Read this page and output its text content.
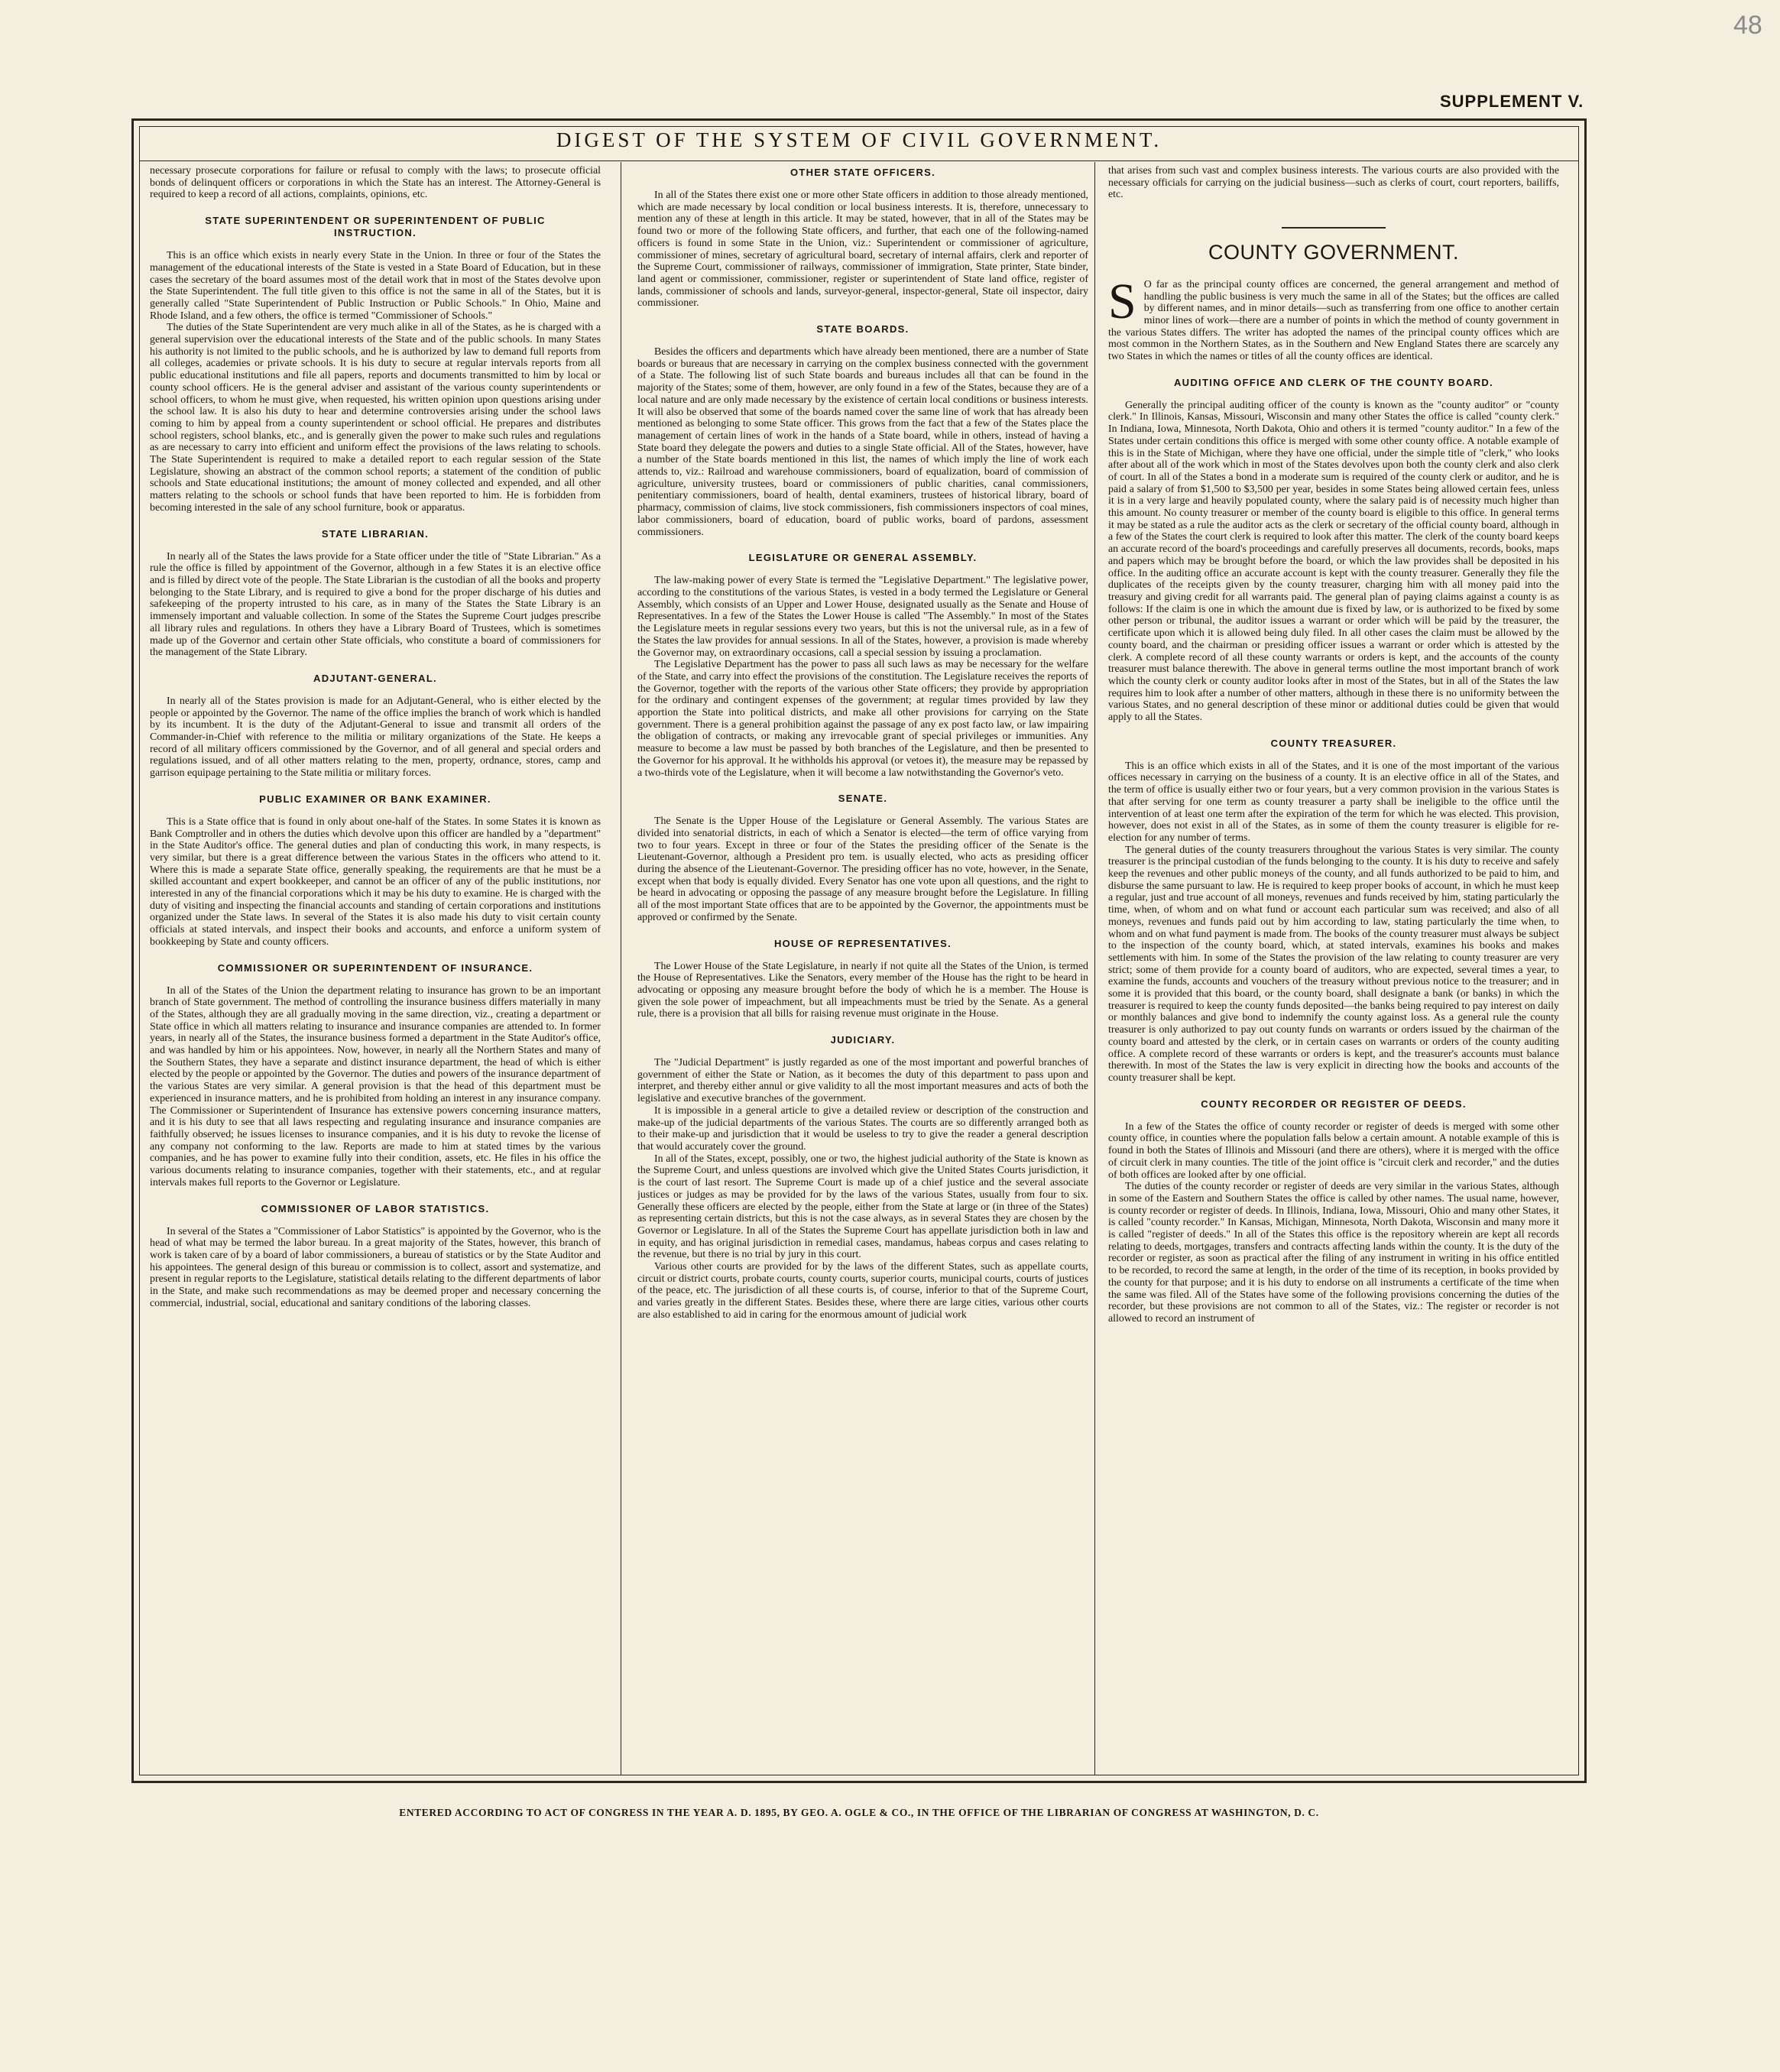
48
SUPPLEMENT V.
DIGEST OF THE SYSTEM OF CIVIL GOVERNMENT.

necessary prosecute corporations for failure or refusal to comply with the laws; to prosecute official bonds of delinquent officers or corporations in which the State has an interest. The Attorney-General is required to keep a record of all actions, complaints, opinions, etc.

STATE SUPERINTENDENT OR SUPERINTENDENT OF PUBLIC INSTRUCTION.

This is an office which exists in nearly every State in the Union. In three or four of the States the management of the educational interests of the State is vested in a State Board of Education, but in these cases the secretary of the board assumes most of the detail work that in most of the States devolve upon the State Superintendent. The full title given to this office is not the same in all of the States, but it is generally called "State Superintendent of Public Instruction or Public Schools." In Ohio, Maine and Rhode Island, and a few others, the office is termed "Commissioner of Schools."

The duties of the State Superintendent are very much alike in all of the States, as he is charged with a general supervision over the educational interests of the State and of the public schools. In many States his authority is not limited to the public schools, and he is authorized by law to demand full reports from all colleges, academies or private schools. It is his duty to secure at regular intervals reports from all public educational institutions and file all papers, reports and documents transmitted to him by local or county school officers. He is the general adviser and assistant of the various county superintendents or school officers, to whom he must give, when requested, his written opinion upon questions arising under the school law. It is also his duty to hear and determine controversies arising under the school laws coming to him by appeal from a county superintendent or school official. He prepares and distributes school registers, school blanks, etc., and is generally given the power to make such rules and regulations as are necessary to carry into efficient and uniform effect the provisions of the laws relating to schools. The State Superintendent is required to make a detailed report to each regular session of the State Legislature, showing an abstract of the common school reports; a statement of the condition of public schools and State educational institutions; the amount of money collected and expended, and all other matters relating to the schools or school funds that have been reported to him. He is forbidden from becoming interested in the sale of any school furniture, book or apparatus.

STATE LIBRARIAN.

In nearly all of the States the laws provide for a State officer under the title of "State Librarian." As a rule the office is filled by appointment of the Governor, although in a few States it is an elective office and is filled by direct vote of the people. The State Librarian is the custodian of all the books and property belonging to the State Library, and is required to give a bond for the proper discharge of his duties and safekeeping of the property intrusted to his care, as in many of the States the State Library is an immensely important and valuable collection. In some of the States the Supreme Court judges prescribe all library rules and regulations. In others they have a Library Board of Trustees, which is sometimes made up of the Governor and certain other State officials, who constitute a board of commissioners for the management of the State Library.

ADJUTANT-GENERAL.

In nearly all of the States provision is made for an Adjutant-General, who is either elected by the people or appointed by the Governor. The name of the office implies the branch of work which is handled by its incumbent. It is the duty of the Adjutant-General to issue and transmit all orders of the Commander-in-Chief with reference to the militia or military organizations of the State. He keeps a record of all military officers commissioned by the Governor, and of all general and special orders and regulations issued, and of all other matters relating to the men, property, ordnance, stores, camp and garrison equipage pertaining to the State militia or military forces.

PUBLIC EXAMINER OR BANK EXAMINER.

This is a State office that is found in only about one-half of the States. In some States it is known as Bank Comptroller and in others the duties which devolve upon this officer are handled by a "department" in the State Auditor's office. The general duties and plan of conducting this work, in many respects, is very similar, but there is a great difference between the various States in the officers who attend to it. Where this is made a separate State office, generally speaking, the requirements are that he must be a skilled accountant and expert bookkeeper, and cannot be an officer of any of the public institutions, nor interested in any of the financial corporations which it may be his duty to examine. He is charged with the duty of visiting and inspecting the financial accounts and standing of certain corporations and institutions organized under the State laws. In several of the States it is also made his duty to visit certain county officials at stated intervals, and inspect their books and accounts, and enforce a uniform system of bookkeeping by State and county officers.

COMMISSIONER OR SUPERINTENDENT OF INSURANCE.

In all of the States of the Union the department relating to insurance has grown to be an important branch of State government. The method of controlling the insurance business differs materially in many of the States, although they are all gradually moving in the same direction, viz., creating a department or State office in which all matters relating to insurance and insurance companies are attended to. In former years, in nearly all of the States, the insurance business formed a department in the State Auditor's office, and was handled by him or his appointees. Now, however, in nearly all the Northern States and many of the Southern States, they have a separate and distinct insurance department, the head of which is either elected by the people or appointed by the Governor. The duties and powers of the insurance department of the various States are very similar. A general provision is that the head of this department must be experienced in insurance matters, and he is prohibited from holding an interest in any insurance company. The Commissioner or Superintendent of Insurance has extensive powers concerning insurance matters, and it is his duty to see that all laws respecting and regulating insurance and insurance companies are faithfully observed; he issues licenses to insurance companies, and it is his duty to revoke the license of any company not conforming to the law. Reports are made to him at stated times by the various companies, and he has power to examine fully into their condition, assets, etc. He files in his office the various documents relating to insurance companies, together with their statements, etc., and at regular intervals makes full reports to the Governor or Legislature.

COMMISSIONER OF LABOR STATISTICS.

In several of the States a "Commissioner of Labor Statistics" is appointed by the Governor, who is the head of what may be termed the labor bureau. In a great majority of the States, however, this branch of work is taken care of by a board of labor commissioners, a bureau of statistics or by the State Auditor and his appointees. The general design of this bureau or commission is to collect, assort and systematize, and present in regular reports to the Legislature, statistical details relating to the different departments of labor in the State, and make such recommendations as may be deemed proper and necessary concerning the commercial, industrial, social, educational and sanitary conditions of the laboring classes.

OTHER STATE OFFICERS.

In all of the States there exist one or more other State officers in addition to those already mentioned, which are made necessary by local condition or local business interests. It is, therefore, unnecessary to mention any of these at length in this article. It may be stated, however, that in all of the States may be found two or more of the following State officers, and further, that each one of the following-named officers is found in some State in the Union, viz.: Superintendent or commissioner of agriculture, commissioner of mines, secretary of agricultural board, secretary of internal affairs, clerk and reporter of the Supreme Court, commissioner of railways, commissioner of immigration, State printer, State binder, land agent or commissioner, commissioner, register or superintendent of State land office, register of lands, commissioner of schools and lands, surveyor-general, inspector-general, State oil inspector, dairy commissioner.

STATE BOARDS.

Besides the officers and departments which have already been mentioned, there are a number of State boards or bureaus that are necessary in carrying on the complex business connected with the government of a State. The following list of such State boards and bureaus includes all that can be found in the majority of the States; some of them, however, are only found in a few of the States, because they are of a local nature and are only made necessary by the existence of certain local conditions or business interests. It will also be observed that some of the boards named cover the same line of work that has already been mentioned as belonging to some State officer. This grows from the fact that a few of the States place the management of certain lines of work in the hands of a State board, while in others, instead of having a State board they delegate the powers and duties to a single State official. All of the States, however, have a number of the State boards mentioned in this list, the names of which imply the line of work each attends to, viz.: Railroad and warehouse commissioners, board of equalization, board of commission of agriculture, university trustees, board or commissioners of public charities, canal commissioners, penitentiary commissioners, board of health, dental examiners, trustees of historical library, board of pharmacy, commission of claims, live stock commissioners, fish commissioners inspectors of coal mines, labor commissioners, board of education, board of public works, board of pardons, assessment commissioners.

LEGISLATURE OR GENERAL ASSEMBLY.

The law-making power of every State is termed the "Legislative Department." The legislative power, according to the constitutions of the various States, is vested in a body termed the Legislature or General Assembly, which consists of an Upper and Lower House, designated usually as the Senate and House of Representatives. In a few of the States the Lower House is called "The Assembly." In most of the States the Legislature meets in regular sessions every two years, but this is not the universal rule, as in a few of the States the law provides for annual sessions. In all of the States, however, a provision is made whereby the Governor may, on extraordinary occasions, call a special session by issuing a proclamation.

The Legislative Department has the power to pass all such laws as may be necessary for the welfare of the State, and carry into effect the provisions of the constitution. The Legislature receives the reports of the Governor, together with the reports of the various other State officers; they provide by appropriation for the ordinary and contingent expenses of the government; at regular times provided by law they apportion the State into political districts, and make all other provisions for carrying on the State government. There is a general prohibition against the passage of any ex post facto law, or law impairing the obligation of contracts, or making any irrevocable grant of special privileges or immunities. Any measure to become a law must be passed by both branches of the Legislature, and then be presented to the Governor for his approval. It he withholds his approval (or vetoes it), the measure may be repassed by a two-thirds vote of the Legislature, when it will become a law notwithstanding the Governor's veto.

SENATE.

The Senate is the Upper House of the Legislature or General Assembly. The various States are divided into senatorial districts, in each of which a Senator is elected—the term of office varying from two to four years. Except in three or four of the States the presiding officer of the Senate is the Lieutenant-Governor, although a President pro tem. is usually elected, who acts as presiding officer during the absence of the Lieutenant-Governor. The presiding officer has no vote, however, in the Senate, except when that body is equally divided. Every Senator has one vote upon all questions, and the right to be heard in advocating or opposing the passage of any measure brought before the Legislature. In filling all of the most important State offices that are to be appointed by the Governor, the appointments must be approved or confirmed by the Senate.

HOUSE OF REPRESENTATIVES.

The Lower House of the State Legislature, in nearly if not quite all the States of the Union, is termed the House of Representatives. Like the Senators, every member of the House has the right to be heard in advocating or opposing any measure brought before the body of which he is a member. The House is given the sole power of impeachment, but all impeachments must be tried by the Senate. As a general rule, there is a provision that all bills for raising revenue must originate in the House.

JUDICIARY.

The "Judicial Department" is justly regarded as one of the most important and powerful branches of government of either the State or Nation, as it becomes the duty of this department to pass upon and interpret, and thereby either annul or give validity to all the most important measures and acts of both the legislative and executive branches of the government.

It is impossible in a general article to give a detailed review or description of the construction and make-up of the judicial departments of the various States. The courts are so differently arranged both as to their make-up and jurisdiction that it would be useless to try to give the reader a general description that would accurately cover the ground.

In all of the States, except, possibly, one or two, the highest judicial authority of the State is known as the Supreme Court, and unless questions are involved which give the United States Courts jurisdiction, it is the court of last resort. The Supreme Court is made up of a chief justice and the several associate justices or judges as may be provided for by the laws of the various States, usually from four to six. Generally these officers are elected by the people, either from the State at large or (in three of the States) as representing certain districts, but this is not the case always, as in several States they are chosen by the Governor or Legislature. In all of the States the Supreme Court has appellate jurisdiction both in law and in equity, and has original jurisdiction in remedial cases, mandamus, habeas corpus and cases relating to the revenue, but there is no trial by jury in this court.

Various other courts are provided for by the laws of the different States, such as appellate courts, circuit or district courts, probate courts, county courts, superior courts, municipal courts, courts of justices of the peace, etc. The jurisdiction of all these courts is, of course, inferior to that of the Supreme Court, and varies greatly in the different States. Besides these, where there are large cities, various other courts are also established to aid in caring for the enormous amount of judicial work

that arises from such vast and complex business interests. The various courts are also provided with the necessary officials for carrying on the judicial business—such as clerks of court, court reporters, bailiffs, etc.

COUNTY GOVERNMENT.

S O far as the principal county offices are concerned, the general arrangement and method of handling the public business is very much the same in all of the States; but the offices are called by different names, and in minor details—such as transferring from one office to another certain minor lines of work—there are a number of points in which the method of county government in the various States differs. The writer has adopted the names of the principal county offices which are most common in the Northern States, as in the Southern and New England States there are scarcely any two States in which the names or titles of all the county offices are identical.

AUDITING OFFICE AND CLERK OF THE COUNTY BOARD.

Generally the principal auditing officer of the county is known as the "county auditor" or "county clerk." In Illinois, Kansas, Missouri, Wisconsin and many other States the office is called "county clerk." In Indiana, Iowa, Minnesota, North Dakota, Ohio and others it is termed "county auditor." In a few of the States under certain conditions this office is merged with some other county office. A notable example of this is in the State of Michigan, where they have one official, under the simple title of "clerk," who looks after about all of the work which in most of the States devolves upon both the county clerk and also clerk of court. In all of the States a bond in a moderate sum is required of the county clerk or auditor, and he is paid a salary of from $1,500 to $3,500 per year, besides in some States being allowed certain fees, unless it is in a very large and heavily populated county, where the salary paid is of necessity much higher than this amount. No county treasurer or member of the county board is eligible to this office. In general terms it may be stated as a rule the auditor acts as the clerk or secretary of the official county board, although in a few of the States the court clerk is required to look after this matter. The clerk of the county board keeps an accurate record of the board's proceedings and carefully preserves all documents, records, books, maps and papers which may be brought before the board, or which the law provides shall be deposited in his office. In the auditing office an accurate account is kept with the county treasurer. Generally they file the duplicates of the receipts given by the county treasurer, charging him with all money paid into the treasury and giving credit for all warrants paid. The general plan of paying claims against a county is as follows: If the claim is one in which the amount due is fixed by law, or is authorized to be fixed by some other person or tribunal, the auditor issues a warrant or order which will be paid by the treasurer, the certificate upon which it is allowed being duly filed. In all other cases the claim must be allowed by the county board, and the chairman or presiding officer issues a warrant or order which is attested by the clerk. A complete record of all these county warrants or orders is kept, and the accounts of the county treasurer must balance therewith. The above in general terms outline the most important branch of work which the county clerk or county auditor looks after in most of the States, but in all of the States the law requires him to look after a number of other matters, although in these there is no uniformity between the various States, and no general description of these minor or additional duties could be given that would apply to all the States.

COUNTY TREASURER.

This is an office which exists in all of the States, and it is one of the most important of the various offices necessary in carrying on the business of a county. It is an elective office in all of the States, and the term of office is usually either two or four years, but a very common provision in the various States is that after serving for one term as county treasurer a party shall be ineligible to the office until the intervention of at least one term after the expiration of the term for which he was elected. This provision, however, does not exist in all of the States, as in some of them the county treasurer is eligible for re-election for any number of terms.

The general duties of the county treasurers throughout the various States is very similar. The county treasurer is the principal custodian of the funds belonging to the county. It is his duty to receive and safely keep the revenues and other public moneys of the county, and all funds authorized to be paid to him, and disburse the same pursuant to law. He is required to keep proper books of account, in which he must keep a regular, just and true account of all moneys, revenues and funds received by him, stating particularly the time, when, of whom and on what fund or account each particular sum was received; and also of all moneys, revenues and funds paid out by him according to law, stating particularly the time when, to whom and on what fund payment is made from. The books of the county treasurer must always be subject to the inspection of the county board, which, at stated intervals, examines his books and makes settlements with him. In some of the States the provision of the law relating to county treasurer are very strict; some of them provide for a county board of auditors, who are expected, several times a year, to examine the funds, accounts and vouchers of the treasury without previous notice to the treasurer; and in some it is provided that this board, or the county board, shall designate a bank (or banks) in which the treasurer is required to keep the county funds deposited—the banks being required to pay interest on daily or monthly balances and give bond to indemnify the county against loss. As a general rule the county treasurer is only authorized to pay out county funds on warrants or orders issued by the chairman of the county board and attested by the clerk, or in certain cases on warrants or orders of the county auditing office. A complete record of these warrants or orders is kept, and the treasurer's accounts must balance therewith. In most of the States the law is very explicit in directing how the books and accounts of the county treasurer shall be kept.

COUNTY RECORDER OR REGISTER OF DEEDS.

In a few of the States the office of county recorder or register of deeds is merged with some other county office, in counties where the population falls below a certain amount. A notable example of this is found in both the States of Illinois and Missouri (and there are others), where it is merged with the office of circuit clerk in many counties. The title of the joint office is "circuit clerk and recorder," and the duties of both offices are looked after by one official.

The duties of the county recorder or register of deeds are very similar in the various States, although in some of the Eastern and Southern States the office is called by other names. The usual name, however, is county recorder or register of deeds. In Illinois, Indiana, Iowa, Missouri, Ohio and many other States, it is called "county recorder." In Kansas, Michigan, Minnesota, North Dakota, Wisconsin and many more it is called "register of deeds." In all of the States this office is the repository wherein are kept all records relating to deeds, mortgages, transfers and contracts affecting lands within the county. It is the duty of the recorder or register, as soon as practical after the filing of any instrument in writing in his office entitled to be recorded, to record the same at length, in the order of the time of its reception, in books provided by the county for that purpose; and it is his duty to endorse on all instruments a certificate of the time when the same was filed. All of the States have some of the following provisions concerning the duties of the recorder, but these provisions are not common to all of the States, viz.: The register or recorder is not allowed to record an instrument of

ENTERED ACCORDING TO ACT OF CONGRESS IN THE YEAR A. D. 1895, BY GEO. A. OGLE & CO., IN THE OFFICE OF THE LIBRARIAN OF CONGRESS AT WASHINGTON, D. C.
